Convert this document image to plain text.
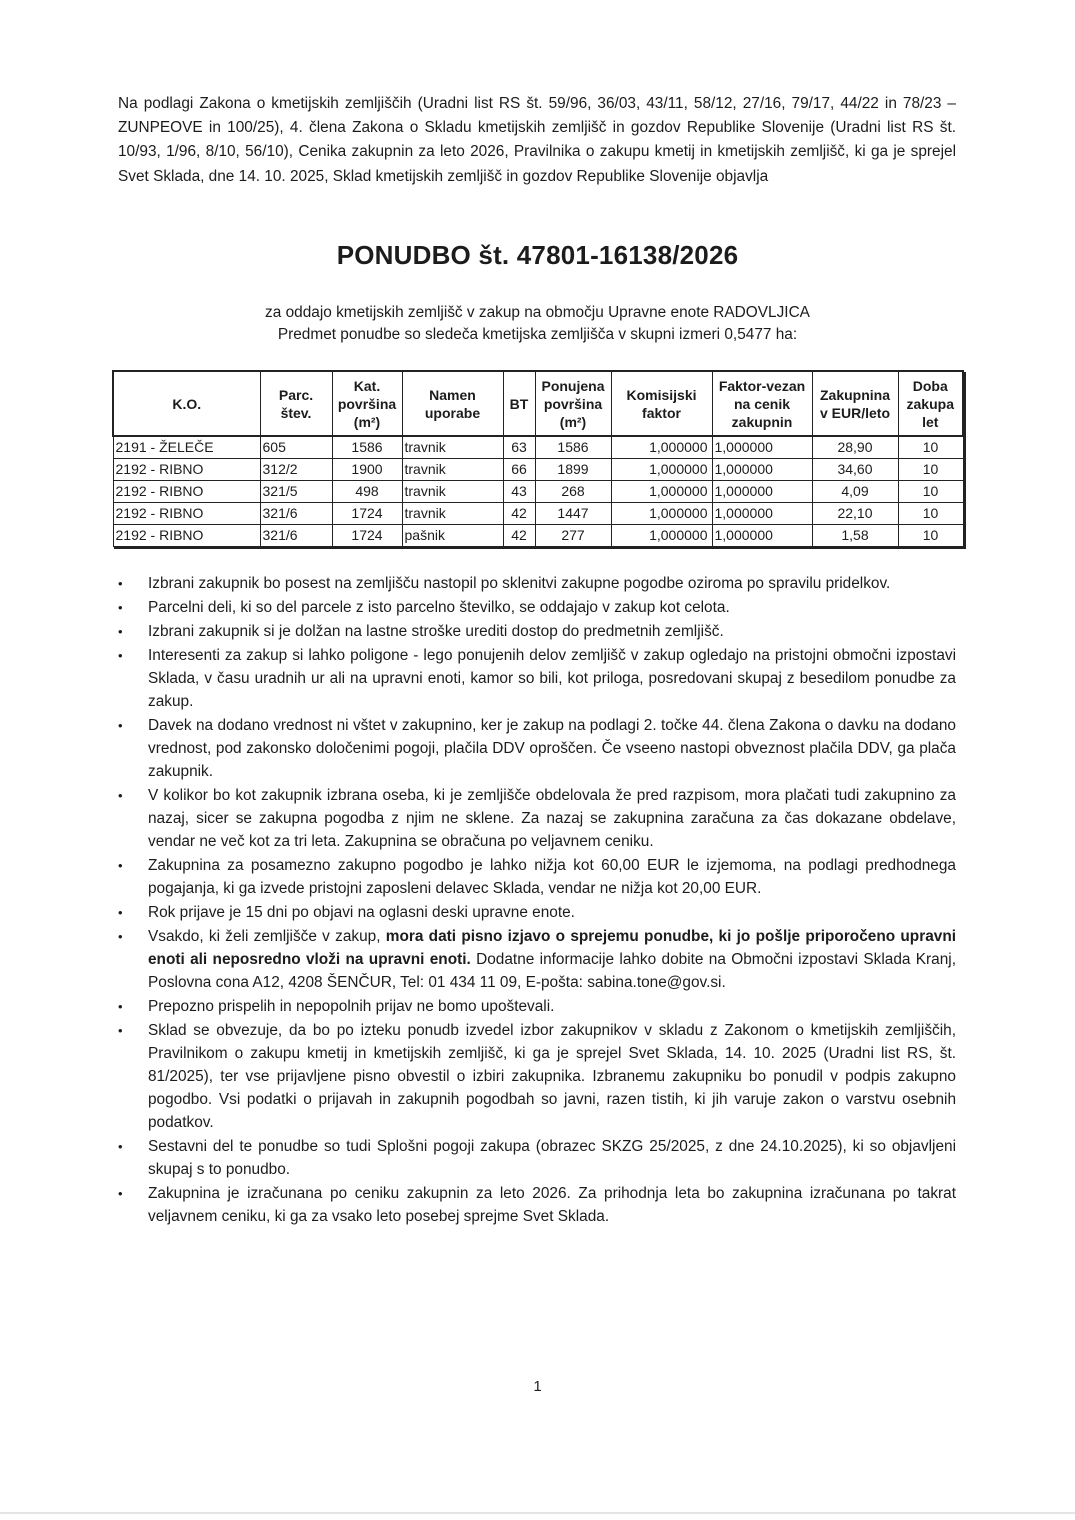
Na podlagi Zakona o kmetijskih zemljiščih (Uradni list RS št. 59/96, 36/03, 43/11, 58/12, 27/16, 79/17, 44/22 in 78/23 – ZUNPEOVE in 100/25), 4. člena Zakona o Skladu kmetijskih zemljišč in gozdov Republike Slovenije (Uradni list RS št. 10/93, 1/96, 8/10, 56/10), Cenika zakupnin za leto 2026, Pravilnika o zakupu kmetij in kmetijskih zemljišč, ki ga je sprejel Svet Sklada, dne 14. 10. 2025, Sklad kmetijskih zemljišč in gozdov Republike Slovenije objavlja
PONUDBO št. 47801-16138/2026
za oddajo kmetijskih zemljišč v zakup na območju Upravne enote RADOVLJICA
Predmet ponudbe so sledeča kmetijska zemljišča v skupni izmeri 0,5477 ha:
K.O.	Parc. štev.	Kat. površina (m²)	Namen uporabe	BT	Ponujena površina (m²)	Komisijski faktor	Faktor-vezan na cenik zakupnin	Zakupnina v EUR/leto	Doba zakupa let
2191 - ŽELEČE	605	1586	travnik	63	1586	1,000000	1,000000	28,90	10
2192 - RIBNO	312/2	1900	travnik	66	1899	1,000000	1,000000	34,60	10
2192 - RIBNO	321/5	498	travnik	43	268	1,000000	1,000000	4,09	10
2192 - RIBNO	321/6	1724	travnik	42	1447	1,000000	1,000000	22,10	10
2192 - RIBNO	321/6	1724	pašnik	42	277	1,000000	1,000000	1,58	10
•	Izbrani zakupnik bo posest na zemljišču nastopil po sklenitvi zakupne pogodbe oziroma po spravilu pridelkov.
•	Parcelni deli, ki so del parcele z isto parcelno številko, se oddajajo v zakup kot celota.
•	Izbrani zakupnik si je dolžan na lastne stroške urediti dostop do predmetnih zemljišč.
•	Interesenti za zakup si lahko poligone - lego ponujenih delov zemljišč v zakup ogledajo na pristojni območni izpostavi Sklada, v času uradnih ur ali na upravni enoti, kamor so bili, kot priloga, posredovani skupaj z besedilom ponudbe za zakup.
•	Davek na dodano vrednost ni vštet v zakupnino, ker je zakup na podlagi 2. točke 44. člena Zakona o davku na dodano vrednost, pod zakonsko določenimi pogoji, plačila DDV oproščen. Če vseeno nastopi obveznost plačila DDV, ga plača zakupnik.
•	V kolikor bo kot zakupnik izbrana oseba, ki je zemljišče obdelovala že pred razpisom, mora plačati tudi zakupnino za nazaj, sicer se zakupna pogodba z njim ne sklene. Za nazaj se zakupnina zaračuna za čas dokazane obdelave, vendar ne več kot za tri leta. Zakupnina se obračuna po veljavnem ceniku.
•	Zakupnina za posamezno zakupno pogodbo je lahko nižja kot 60,00 EUR le izjemoma, na podlagi predhodnega pogajanja, ki ga izvede pristojni zaposleni delavec Sklada, vendar ne nižja kot 20,00 EUR.
•	Rok prijave je 15 dni po objavi na oglasni deski upravne enote.
•	Vsakdo, ki želi zemljišče v zakup, mora dati pisno izjavo o sprejemu ponudbe, ki jo pošlje priporočeno upravni enoti ali neposredno vloži na upravni enoti. Dodatne informacije lahko dobite na Območni izpostavi Sklada Kranj, Poslovna cona A12, 4208 ŠENČUR, Tel: 01 434 11 09, E-pošta: sabina.tone@gov.si.
•	Prepozno prispelih in nepopolnih prijav ne bomo upoštevali.
•	Sklad se obvezuje, da bo po izteku ponudb izvedel izbor zakupnikov v skladu z Zakonom o kmetijskih zemljiščih, Pravilnikom o zakupu kmetij in kmetijskih zemljišč, ki ga je sprejel Svet Sklada, 14. 10. 2025 (Uradni list RS, št. 81/2025), ter vse prijavljene pisno obvestil o izbiri zakupnika. Izbranemu zakupniku bo ponudil v podpis zakupno pogodbo. Vsi podatki o prijavah in zakupnih pogodbah so javni, razen tistih, ki jih varuje zakon o varstvu osebnih podatkov.
•	Sestavni del te ponudbe so tudi Splošni pogoji zakupa (obrazec SKZG 25/2025, z dne 24.10.2025), ki so objavljeni skupaj s to ponudbo.
•	Zakupnina je izračunana po ceniku zakupnin za leto 2026. Za prihodnja leta bo zakupnina izračunana po takrat veljavnem ceniku, ki ga za vsako leto posebej sprejme Svet Sklada.
1
